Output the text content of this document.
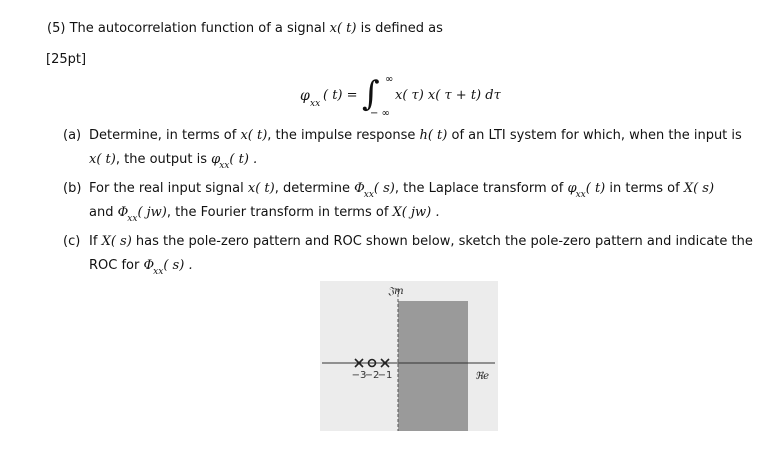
(5) The autocorrelation function of a signal x( t) is defined as
[25pt]
φ xx
( t) = ∫ ∞
− ∞
x( τ) x( τ + t) dτ
(a) Determine, in terms of x( t), the impulse response h( t) of an LTI system for which, when the input is
x( t), the output is $\varphi_{xx}$( t) .
(b) For the real input signal x( t), determine $\Phi_{xx}$( s), the Laplace transform of $\varphi_{xx}$( t) in terms of X( s)
and $\Phi_{xx}$( jw), the Fourier transform in terms of X( jw) .
(c) If X( s) has the pole-zero pattern and ROC shown below, sketch the pole-zero pattern and indicate the
ROC for $\Phi_{xx}$( s) .
𝔍m
ℜe
−3
−2
−1
